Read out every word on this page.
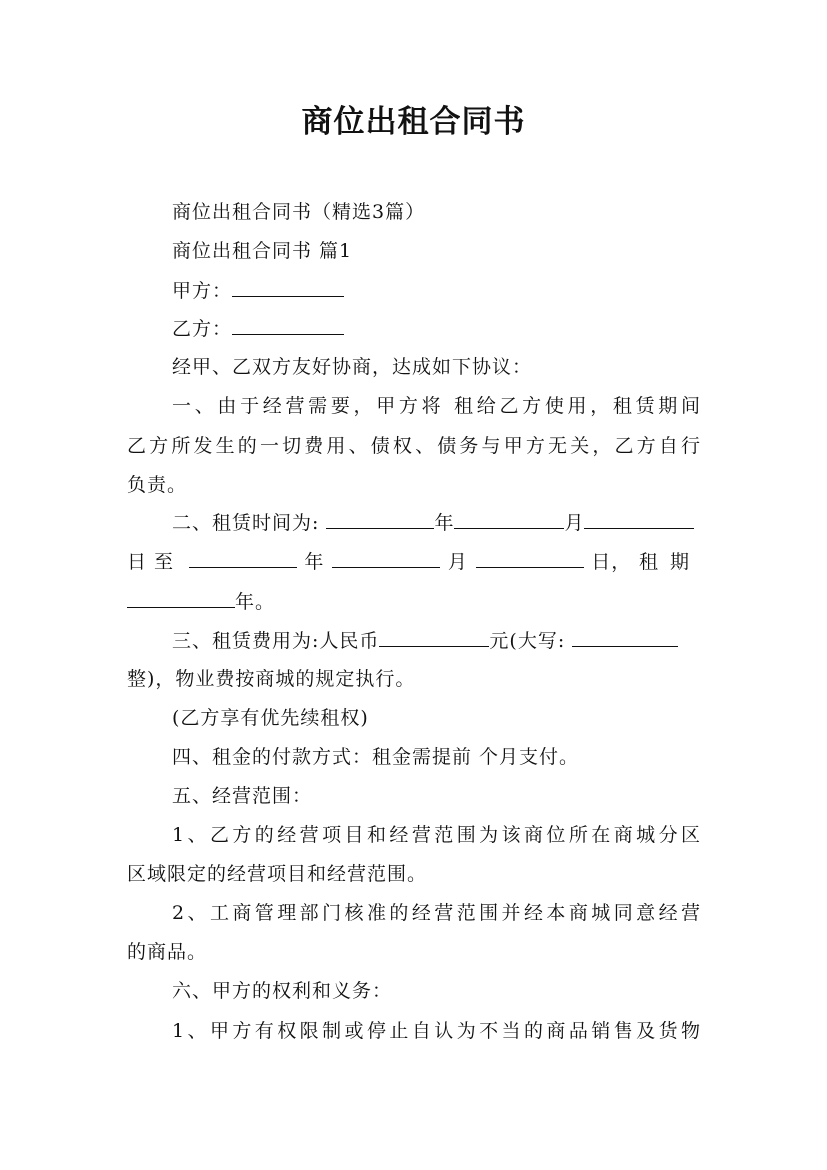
商位出租合同书
商位出租合同书（精选3篇）
商位出租合同书 篇1
甲方：
乙方：
经甲、乙双方友好协商，达成如下协议：
一、由于经营需要，甲方将 租给乙方使用，租赁期间
乙方所发生的一切费用、债权、债务与甲方无关，乙方自行
负责。
二、租赁时间为:	年	月
日至	年	月	日， 租期
年。
三、租赁费用为:人民币	元(大写:
整)，物业费按商城的规定执行。
(乙方享有优先续租权)
四、租金的付款方式：租金需提前 个月支付。
五、经营范围：
1、乙方的经营项目和经营范围为该商位所在商城分区
区域限定的经营项目和经营范围。
2、工商管理部门核准的经营范围并经本商城同意经营
的商品。
六、甲方的权利和义务：
1、甲方有权限制或停止自认为不当的商品销售及货物
